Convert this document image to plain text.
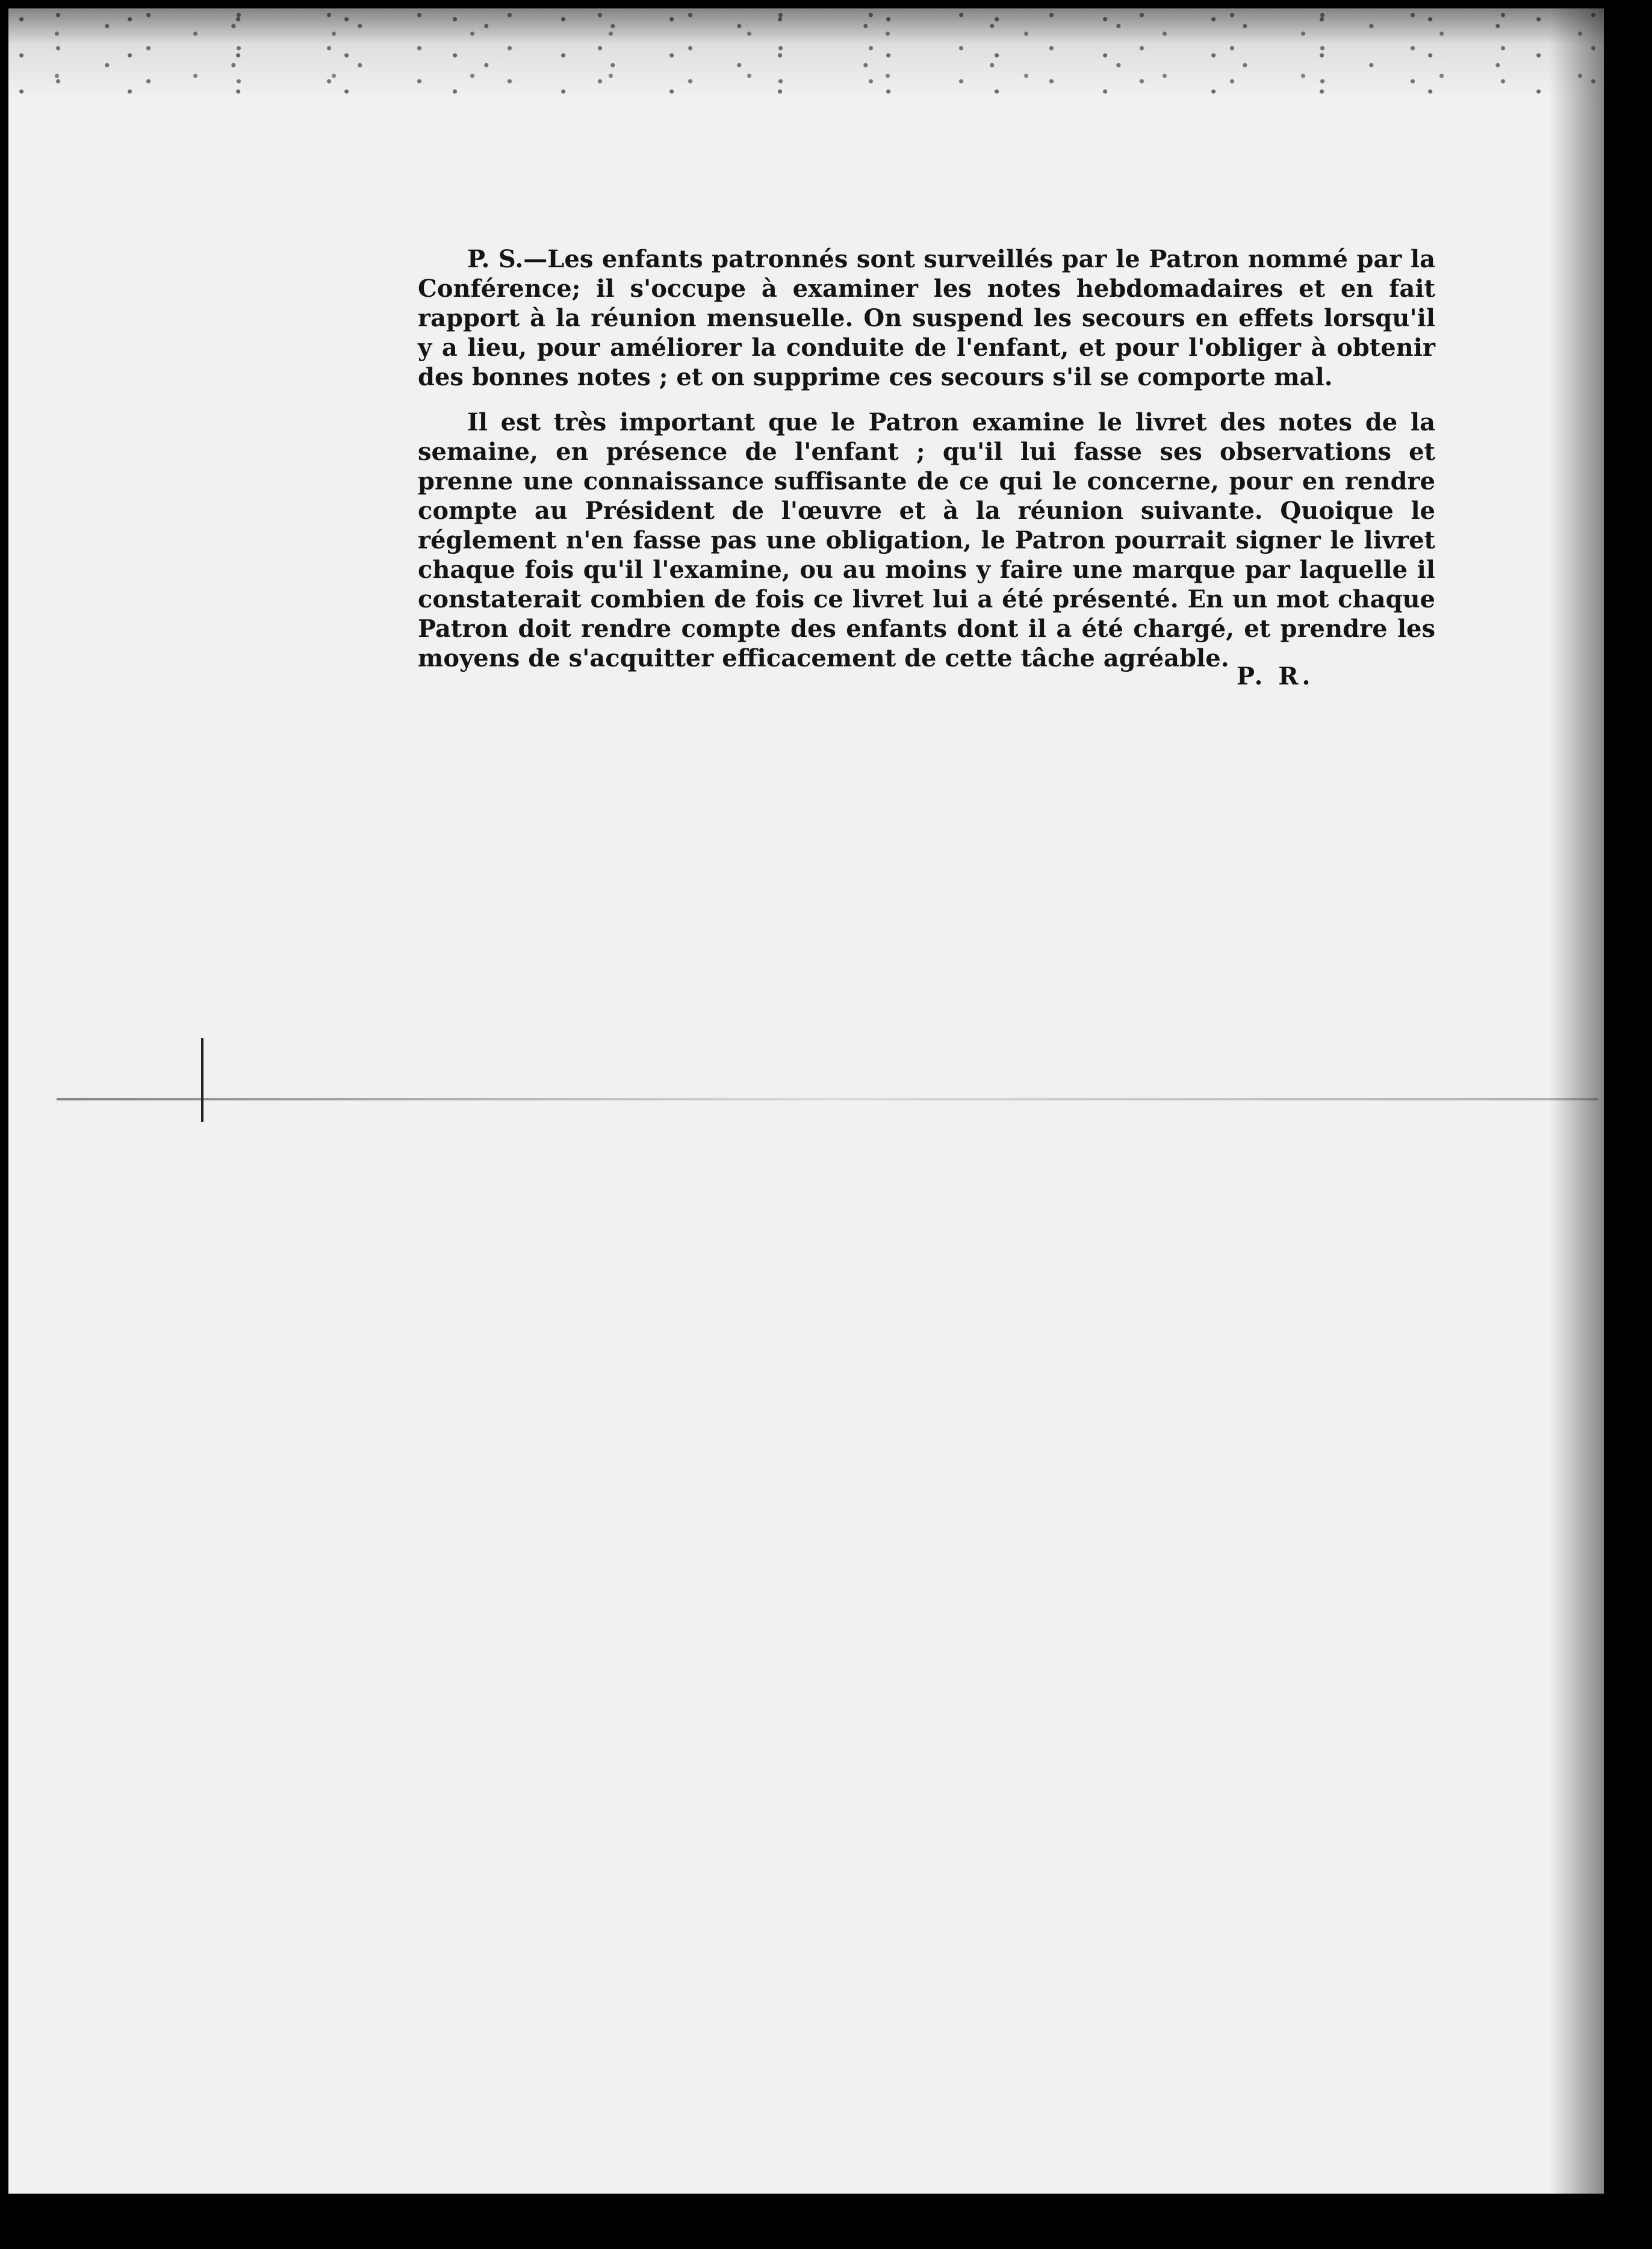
P. S.—Les enfants patronnés sont surveillés par le Patron nommé par la Conférence; il s'occupe à examiner les notes hebdomadaires et en fait rapport à la réunion mensuelle. On suspend les secours en effets lorsqu'il y a lieu, pour améliorer la conduite de l'enfant, et pour l'obliger à obtenir des bonnes notes ; et on supprime ces secours s'il se comporte mal.

Il est très important que le Patron examine le livret des notes de la semaine, en présence de l'enfant ; qu'il lui fasse ses observations et prenne une connaissance suffisante de ce qui le concerne, pour en rendre compte au Président de l'œuvre et à la réunion suivante. Quoique le réglement n'en fasse pas une obligation, le Patron pourrait signer le livret chaque fois qu'il l'examine, ou au moins y faire une marque par laquelle il constaterait combien de fois ce livret lui a été présenté. En un mot chaque Patron doit rendre compte des enfants dont il a été chargé, et prendre les moyens de s'acquitter efficacement de cette tâche agréable.

P. R.
